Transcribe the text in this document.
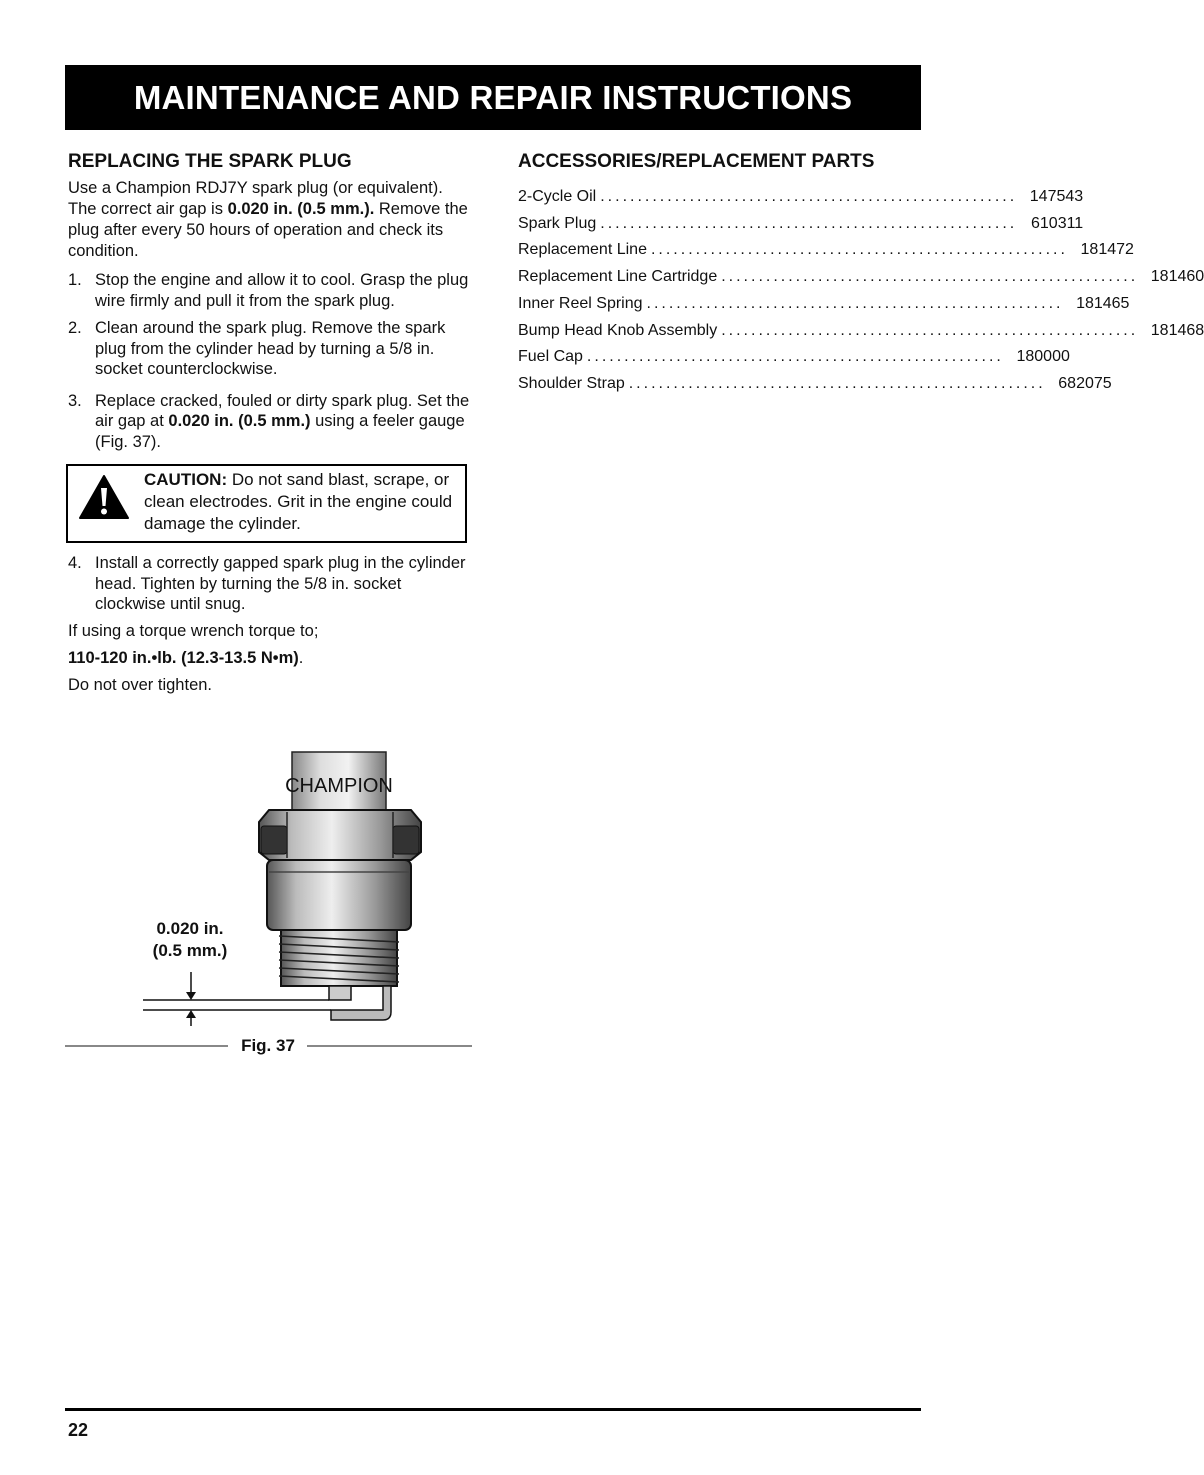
MAINTENANCE AND REPAIR INSTRUCTIONS
REPLACING THE SPARK PLUG

Use a Champion RDJ7Y spark plug (or equivalent). The correct air gap is 0.020 in. (0.5 mm.). Remove the plug after every 50 hours of operation and check its condition.

1. Stop the engine and allow it to cool. Grasp the plug wire firmly and pull it from the spark plug.
2. Clean around the spark plug. Remove the spark plug from the cylinder head by turning a 5/8 in. socket counterclockwise.
3. Replace cracked, fouled or dirty spark plug. Set the air gap at 0.020 in. (0.5 mm.) using a feeler gauge (Fig. 37).

CAUTION: Do not sand blast, scrape, or clean electrodes. Grit in the engine could damage the cylinder.

4. Install a correctly gapped spark plug in the cylinder head. Tighten by turning the 5/8 in. socket clockwise until snug.

If using a torque wrench torque to;

110-120 in.•lb. (12.3-13.5 N•m).

Do not over tighten.

CHAMPION
0.020 in.
(0.5 mm.)
Fig. 37
ACCESSORIES/REPLACEMENT PARTS
2-Cycle Oil ........................................................ 147543
Spark Plug ........................................................ 610311
Replacement Line ........................................................ 181472
Replacement Line Cartridge ........................................................ 181460
Inner Reel Spring ........................................................ 181465
Bump Head Knob Assembly ........................................................ 181468
Fuel Cap ........................................................ 180000
Shoulder Strap ........................................................ 682075
22
